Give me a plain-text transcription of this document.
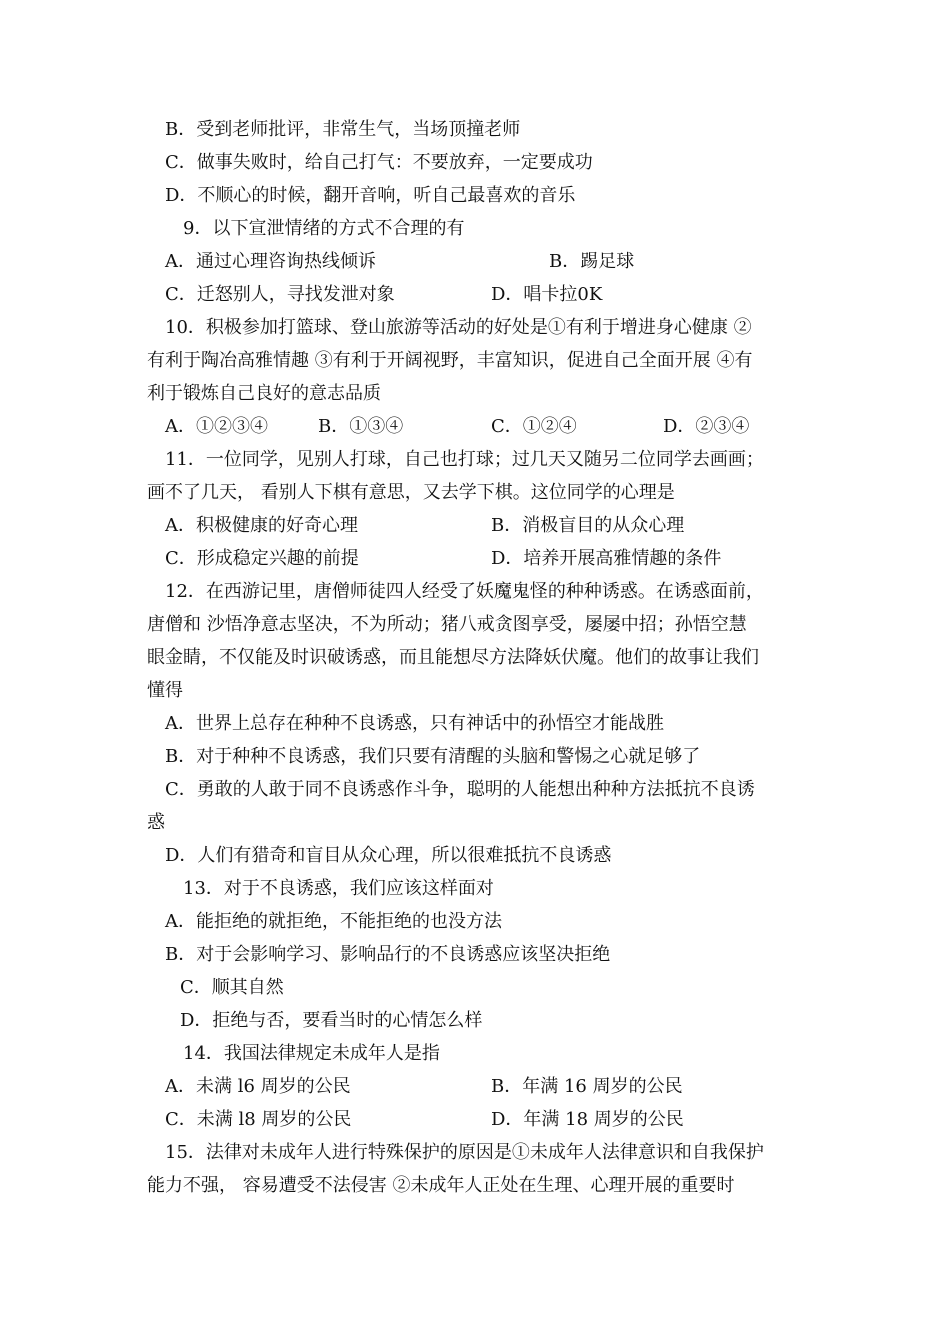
B．受到老师批评，非常生气，当场顶撞老师
C．做事失败时，给自己打气：不要放弃，一定要成功
D．不顺心的时候，翻开音响，听自己最喜欢的音乐
9．以下宣泄情绪的方式不合理的有
A．通过心理咨询热线倾诉	B．踢足球
C．迁怒别人，寻找发泄对象	D．唱卡拉0K
10．积极参加打篮球、登山旅游等活动的好处是①有利于增进身心健康 ②
有利于陶冶高雅情趣 ③有利于开阔视野，丰富知识，促进自己全面开展 ④有
利于锻炼自己良好的意志品质
A．①②③④	B．①③④	C．①②④	D．②③④
11．一位同学，见别人打球，自己也打球；过几天又随另二位同学去画画；
画不了几天， 看别人下棋有意思，又去学下棋。这位同学的心理是
A．积极健康的好奇心理	B．消极盲目的从众心理
C．形成稳定兴趣的前提	D．培养开展高雅情趣的条件
12．在西游记里，唐僧师徒四人经受了妖魔鬼怪的种种诱惑。在诱惑面前，
唐僧和 沙悟净意志坚决，不为所动；猪八戒贪图享受，屡屡中招；孙悟空慧
眼金睛，不仅能及时识破诱惑，而且能想尽方法降妖伏魔。他们的故事让我们
懂得
A．世界上总存在种种不良诱惑，只有神话中的孙悟空才能战胜
B．对于种种不良诱惑，我们只要有清醒的头脑和警惕之心就足够了
C．勇敢的人敢于同不良诱惑作斗争，聪明的人能想出种种方法抵抗不良诱
惑
D．人们有猎奇和盲目从众心理，所以很难抵抗不良诱惑
13．对于不良诱惑，我们应该这样面对
A．能拒绝的就拒绝，不能拒绝的也没方法
B．对于会影响学习、影响品行的不良诱惑应该坚决拒绝
C．顺其自然
D．拒绝与否，要看当时的心情怎么样
14．我国法律规定未成年人是指
A．未满 l6 周岁的公民	B．年满 16 周岁的公民
C．未满 l8 周岁的公民	D．年满 18 周岁的公民
15．法律对未成年人进行特殊保护的原因是①未成年人法律意识和自我保护
能力不强， 容易遭受不法侵害 ②未成年人正处在生理、心理开展的重要时
